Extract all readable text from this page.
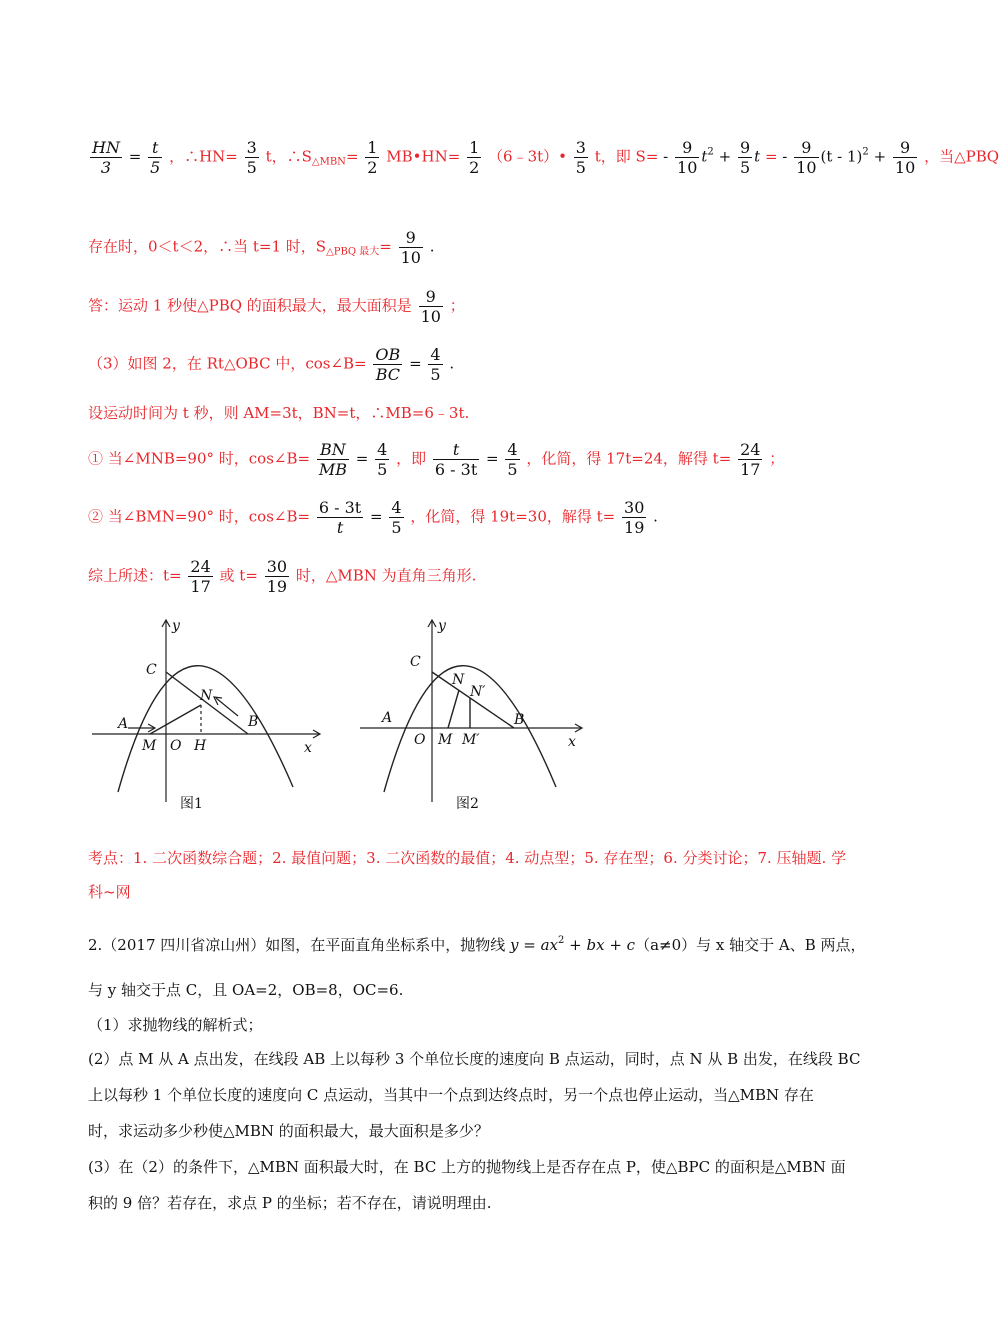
$\frac{HN}{3} = \frac{t}{5}$ ，∴HN= $\frac{3}{5}$ t，$\therefore S_{\triangle MBN}= \frac{1}{2}$ MB•HN= $\frac{1}{2}$ （6﹣3t）• $\frac{3}{5}$ t，即 $S= - \frac{9}{10} t^2 + \frac{9}{5}$ t = - $\frac{9}{10} (t - 1)^2 + \frac{9}{10}$ ，当△PBQ
存在时，0＜t＜2，∴当 t=1 时，$S_{\triangle PBQ 最大}= \frac{9}{10}$ .
答：运动 1 秒使△PBQ 的面积最大，最大面积是 $\frac{9}{10}$ ；
（3）如图 2，在 Rt△OBC 中，cos∠B= $\frac{OB}{BC} = \frac{4}{5}$ .
设运动时间为 t 秒，则 AM=3t，BN=t，∴MB=6﹣3t.
① 当∠MNB=90° 时，cos∠B= $\frac{BN}{MB} = \frac{4}{5}$ ，即 $\frac{t}{6 - 3t} = \frac{4}{5}$ ，化简，得 17t=24，解得 $t= \frac{24}{17}$ ；
② 当∠BMN=90° 时，cos∠B= $\frac{6 - 3t}{t} = \frac{4}{5}$ ，化简，得 19t=30，解得 $t= \frac{30}{19}$ .
综上所述：$t= \frac{24}{17}$ 或 $t= \frac{30}{19}$ 时，△MBN 为直角三角形.
y
x
C
N
A	B
M O H
图1
y
x
C
N
N′
A	B
O M M′
图2
考点：1. 二次函数综合题；2. 最值问题；3. 二次函数的最值；4. 动点型；5. 存在型；6. 分类讨论；7. 压轴题. 学
科~网
2.（2017 四川省凉山州）如图，在平面直角坐标系中，抛物线 $y = ax^2$ + bx + c（a≠0）与 x 轴交于 A、B 两点，
与 y 轴交于点 C，且 OA=2，OB=8，OC=6.
（1）求抛物线的解析式；
(2）点 M 从 A 点出发，在线段 AB 上以每秒 3 个单位长度的速度向 B 点运动，同时，点 N 从 B 出发，在线段 BC
上以每秒 1 个单位长度的速度向 C 点运动，当其中一个点到达终点时，另一个点也停止运动，当△MBN 存在
时，求运动多少秒使△MBN 的面积最大，最大面积是多少？
(3）在（2）的条件下，△MBN 面积最大时，在 BC 上方的抛物线上是否存在点 P，使△BPC 的面积是△MBN 面
积的 9 倍？若存在，求点 P 的坐标；若不存在，请说明理由.
